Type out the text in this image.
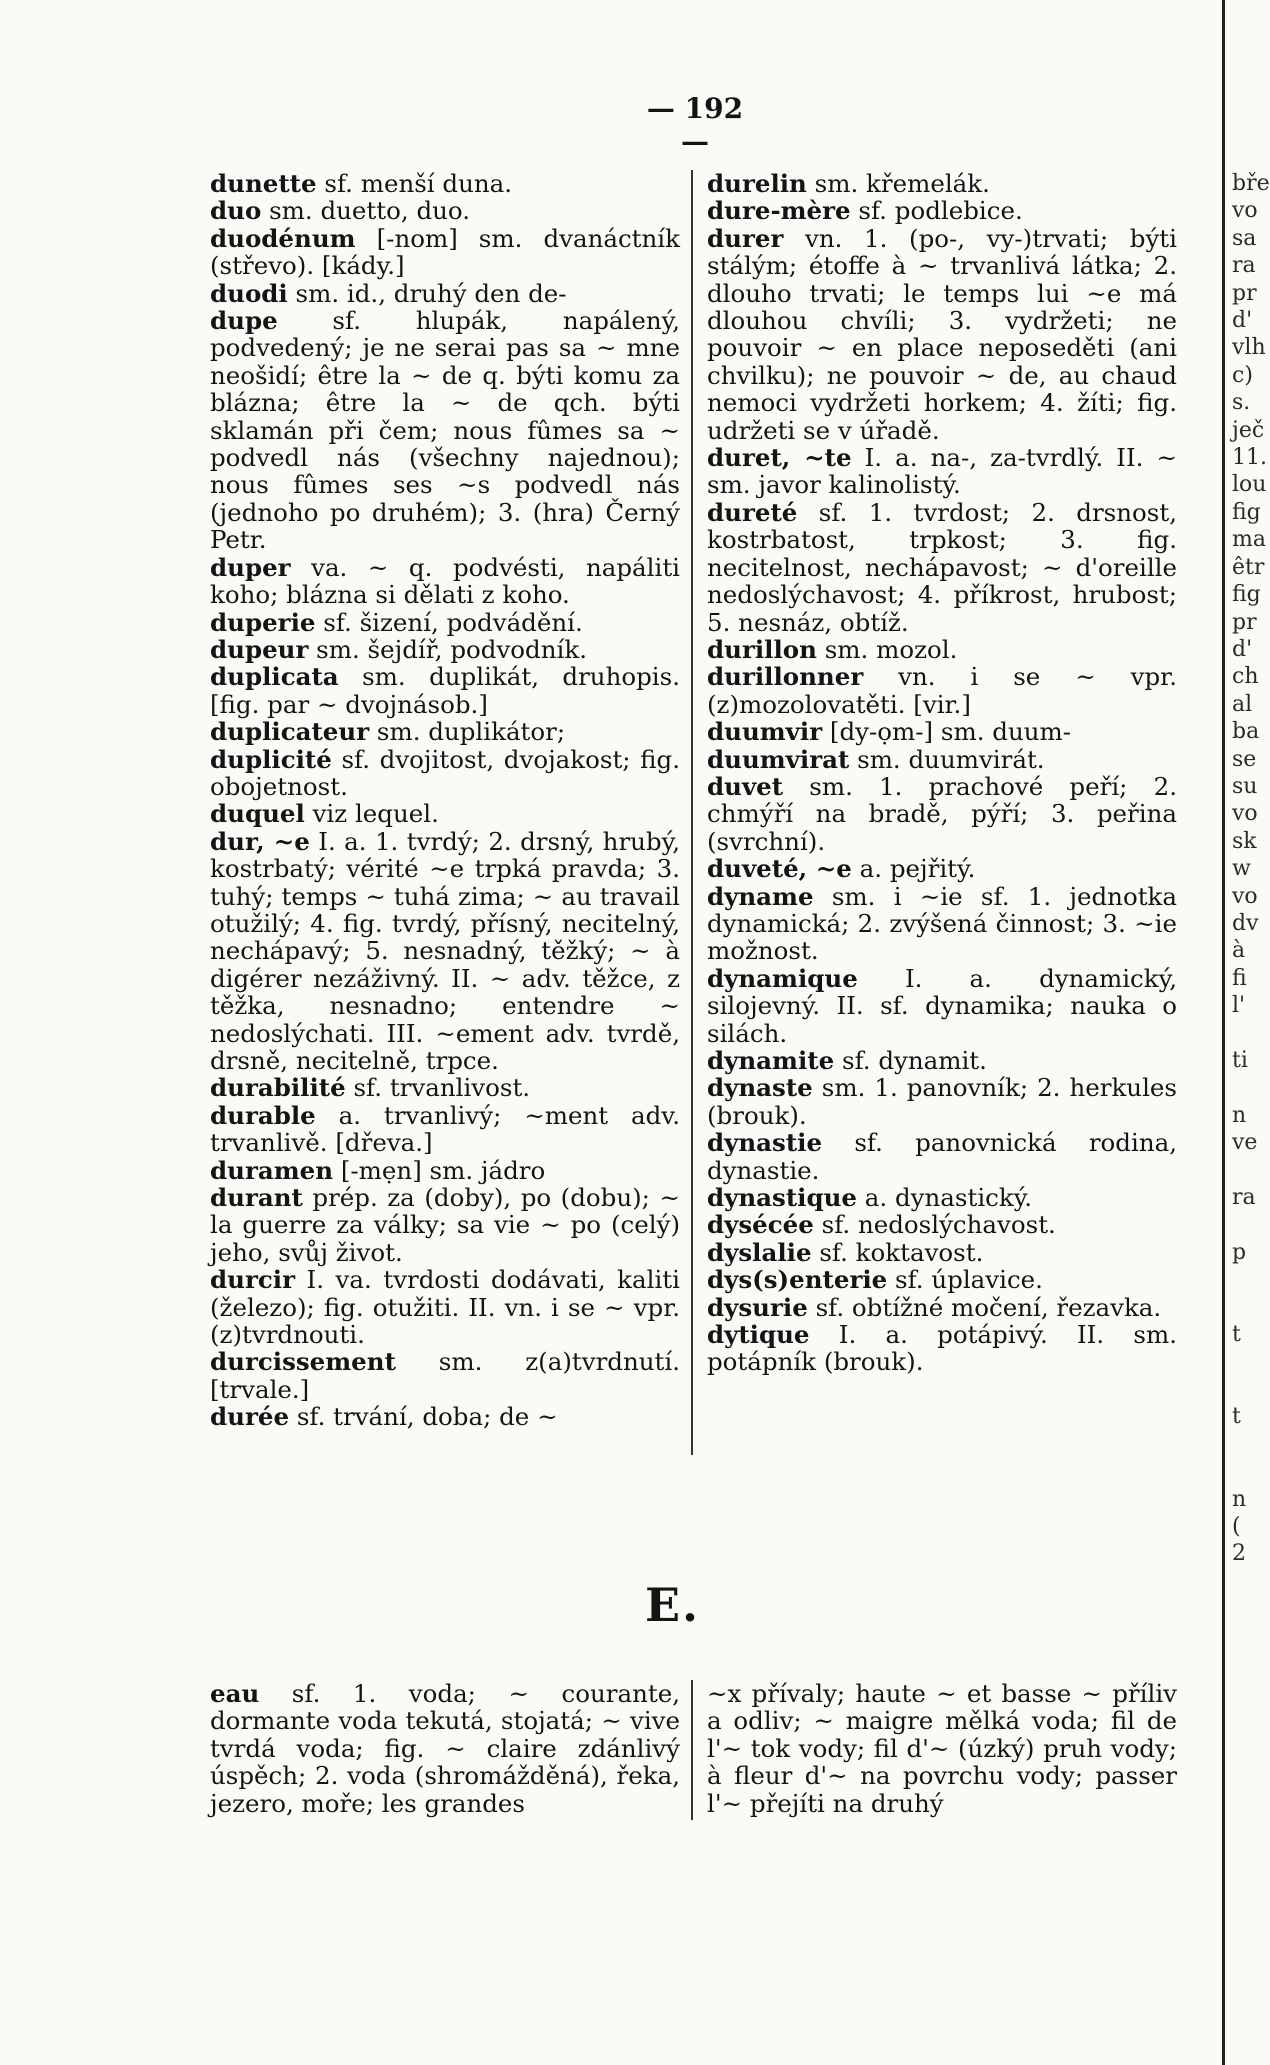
— 192 —

dunette sf. menší duna.

duo sm. duetto, duo.

duodénum [-nom] sm. dvanáctník (střevo). [kády.]

duodi sm. id., druhý den de-

dupe sf. hlupák, napálený, podvedený; je ne serai pas sa ~ mne neošidí; être la ~ de q. býti komu za blázna; être la ~ de qch. býti sklamán při čem; nous fûmes sa ~ podvedl nás (všechny najednou); nous fûmes ses ~s podvedl nás (jednoho po druhém); 3. (hra) Černý Petr.

duper va. ~ q. podvésti, napáliti koho; blázna si dělati z koho.

duperie sf. šizení, podvádění.

dupeur sm. šejdíř, podvodník.

duplicata sm. duplikát, druhopis. [fig. par ~ dvojnásob.]

duplicateur sm. duplikátor;

duplicité sf. dvojitost, dvojakost; fig. obojetnost.

duquel viz lequel.

dur, ~e I. a. 1. tvrdý; 2. drsný, hrubý, kostrbatý; vérité ~e trpká pravda; 3. tuhý; temps ~ tuhá zima; ~ au travail otužilý; 4. fig. tvrdý, přísný, necitelný, nechápavý; 5. nesnadný, těžký; ~ à digérer nezáživný. II. ~ adv. těžce, z těžka, nesnadno; entendre ~ nedoslýchati. III. ~ement adv. tvrdě, drsně, necitelně, trpce.

durabilité sf. trvanlivost.

durable a. trvanlivý; ~ment adv. trvanlivě. [dřeva.]

duramen [-mẹn] sm. jádro

durant prép. za (doby), po (dobu); ~ la guerre za války; sa vie ~ po (celý) jeho, svůj život.

durcir I. va. tvrdosti dodávati, kaliti (železo); fig. otužiti. II. vn. i se ~ vpr. (z)tvrdnouti.

durcissement sm. z(a)tvrdnutí. [trvale.]

durée sf. trvání, doba; de ~

durelin sm. křemelák.

dure-mère sf. podlebice.

durer vn. 1. (po-, vy-)trvati; býti stálým; étoffe à ~ trvanlivá látka; 2. dlouho trvati; le temps lui ~e má dlouhou chvíli; 3. vydržeti; ne pouvoir ~ en place neposeděti (ani chvilku); ne pouvoir ~ de, au chaud nemoci vydržeti horkem; 4. žíti; fig. udržeti se v úřadě.

duret, ~te I. a. na-, za-tvrdlý. II. ~ sm. javor kalinolistý.

dureté sf. 1. tvrdost; 2. drsnost, kostrbatost, trpkost; 3. fig. necitelnost, nechápavost; ~ d'oreille nedoslýchavost; 4. příkrost, hrubost; 5. nesnáz, obtíž.

durillon sm. mozol.

durillonner vn. i se ~ vpr. (z)mozolovatěti. [vir.]

duumvir [dy-ọm-] sm. duum-

duumvirat sm. duumvirát.

duvet sm. 1. prachové peří; 2. chmýří na bradě, pýří; 3. peřina (svrchní).

duveté, ~e a. pejřitý.

dyname sm. i ~ie sf. 1. jednotka dynamická; 2. zvýšená činnost; 3. ~ie možnost.

dynamique I. a. dynamický, silojevný. II. sf. dynamika; nauka o silách.

dynamite sf. dynamit.

dynaste sm. 1. panovník; 2. herkules (brouk).

dynastie sf. panovnická rodina, dynastie.

dynastique a. dynastický.

dysécée sf. nedoslýchavost.

dyslalie sf. koktavost.

dys(s)enterie sf. úplavice.

dysurie sf. obtížné močení, řezavka.

dytique I. a. potápivý. II. sm. potápník (brouk).

E.
eau sf. 1. voda; ~ courante, dormante voda tekutá, stojatá; ~ vive tvrdá voda; fig. ~ claire zdánlivý úspěch; 2. voda (shromážděná), řeka, jezero, moře; les grandes
~x přívaly; haute ~ et basse ~ příliv a odliv; ~ maigre mělká voda; fil de l'~ tok vody; fil d'~ (úzký) pruh vody; à fleur d'~ na povrchu vody; passer l'~ přejíti na druhý
bře
vo
sa
ra
pr
d'
vlh
c)
s.
ječ
11.
lou
fig
ma
êtr
fig
pr
d'
ch
al
ba
se
su
vo
sk
w
vo
dv
à
fi
l'

ti

n
ve

ra

p

t

t

n
(
2
